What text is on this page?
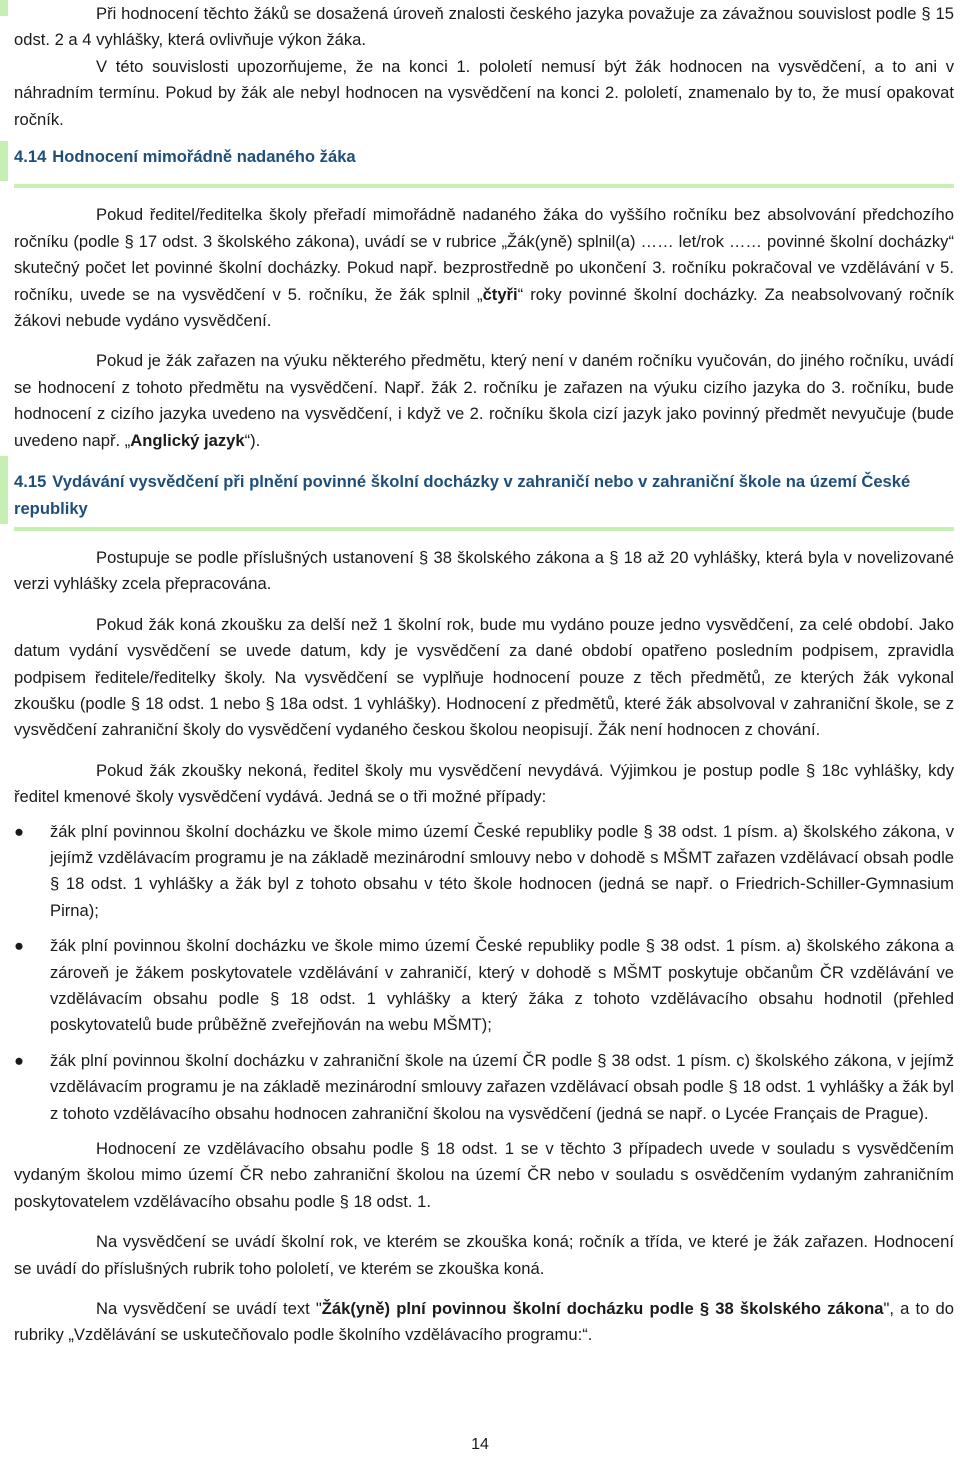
Při hodnocení těchto žáků se dosažená úroveň znalosti českého jazyka považuje za závažnou souvislost podle § 15 odst. 2 a 4 vyhlášky, která ovlivňuje výkon žáka.

V této souvislosti upozorňujeme, že na konci 1. pololetí nemusí být žák hodnocen na vysvědčení, a to ani v náhradním termínu. Pokud by žák ale nebyl hodnocen na vysvědčení na konci 2. pololetí, znamenalo by to, že musí opakovat ročník.

4.14 Hodnocení mimořádně nadaného žáka

Pokud ředitel/ředitelka školy přeřadí mimořádně nadaného žáka do vyššího ročníku bez absolvování předchozího ročníku (podle § 17 odst. 3 školského zákona), uvádí se v rubrice „Žák(yně) splnil(a) …… let/rok …… povinné školní docházky“ skutečný počet let povinné školní docházky. Pokud např. bezprostředně po ukončení 3. ročníku pokračoval ve vzdělávání v 5. ročníku, uvede se na vysvědčení v 5. ročníku, že žák splnil „čtyři“ roky povinné školní docházky. Za neabsolvovaný ročník žákovi nebude vydáno vysvědčení.

Pokud je žák zařazen na výuku některého předmětu, který není v daném ročníku vyučován, do jiného ročníku, uvádí se hodnocení z tohoto předmětu na vysvědčení. Např. žák 2. ročníku je zařazen na výuku cizího jazyka do 3. ročníku, bude hodnocení z cizího jazyka uvedeno na vysvědčení, i když ve 2. ročníku škola cizí jazyk jako povinný předmět nevyučuje (bude uvedeno např. „Anglický jazyk“).

4.15 Vydávání vysvědčení při plnění povinné školní docházky v zahraničí nebo v zahraniční škole na území České republiky

Postupuje se podle příslušných ustanovení § 38 školského zákona a § 18 až 20 vyhlášky, která byla v novelizované verzi vyhlášky zcela přepracována.

Pokud žák koná zkoušku za delší než 1 školní rok, bude mu vydáno pouze jedno vysvědčení, za celé období. Jako datum vydání vysvědčení se uvede datum, kdy je vysvědčení za dané období opatřeno posledním podpisem, zpravidla podpisem ředitele/ředitelky školy. Na vysvědčení se vyplňuje hodnocení pouze z těch předmětů, ze kterých žák vykonal zkoušku (podle § 18 odst. 1 nebo § 18a odst. 1 vyhlášky). Hodnocení z předmětů, které žák absolvoval v zahraniční škole, se z vysvědčení zahraniční školy do vysvědčení vydaného českou školou neopisují. Žák není hodnocen z chování.

Pokud žák zkoušky nekoná, ředitel školy mu vysvědčení nevydává. Výjimkou je postup podle § 18c vyhlášky, kdy ředitel kmenové školy vysvědčení vydává. Jedná se o tři možné případy:

●	žák plní povinnou školní docházku ve škole mimo území České republiky podle § 38 odst. 1 písm. a) školského zákona, v jejímž vzdělávacím programu je na základě mezinárodní smlouvy nebo v dohodě s MŠMT zařazen vzdělávací obsah podle § 18 odst. 1 vyhlášky a žák byl z tohoto obsahu v této škole hodnocen (jedná se např. o Friedrich-Schiller-Gymnasium Pirna);
●	žák plní povinnou školní docházku ve škole mimo území České republiky podle § 38 odst. 1 písm. a) školského zákona a zároveň je žákem poskytovatele vzdělávání v zahraničí, který v dohodě s MŠMT poskytuje občanům ČR vzdělávání ve vzdělávacím obsahu podle § 18 odst. 1 vyhlášky a který žáka z tohoto vzdělávacího obsahu hodnotil (přehled poskytovatelů bude průběžně zveřejňován na webu MŠMT);
●	žák plní povinnou školní docházku v zahraniční škole na území ČR podle § 38 odst. 1 písm. c) školského zákona, v jejímž vzdělávacím programu je na základě mezinárodní smlouvy zařazen vzdělávací obsah podle § 18 odst. 1 vyhlášky a žák byl z tohoto vzdělávacího obsahu hodnocen zahraniční školou na vysvědčení (jedná se např. o Lycée Français de Prague).

Hodnocení ze vzdělávacího obsahu podle § 18 odst. 1 se v těchto 3 případech uvede v souladu s vysvědčením vydaným školou mimo území ČR nebo zahraniční školou na území ČR nebo v souladu s osvědčením vydaným zahraničním poskytovatelem vzdělávacího obsahu podle § 18 odst. 1.

Na vysvědčení se uvádí školní rok, ve kterém se zkouška koná; ročník a třída, ve které je žák zařazen. Hodnocení se uvádí do příslušných rubrik toho pololetí, ve kterém se zkouška koná.

Na vysvědčení se uvádí text "Žák(yně) plní povinnou školní docházku podle § 38 školského zákona", a to do rubriky „Vzdělávání se uskutečňovalo podle školního vzdělávacího programu:“.

14
